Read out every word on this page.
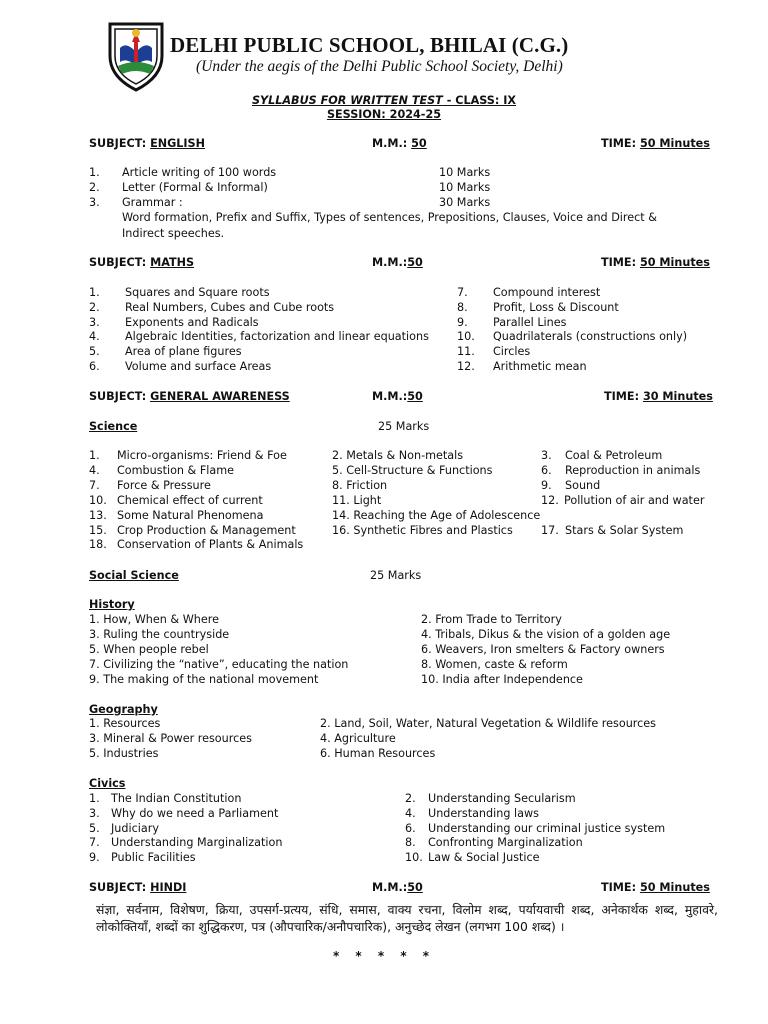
DELHI PUBLIC SCHOOL, BHILAI (C.G.)
(Under the aegis of the Delhi Public School Society, Delhi)
SYLLABUS FOR WRITTEN TEST - CLASS: IX
SESSION: 2024-25
SUBJECT: ENGLISH	M.M.: 50	TIME: 50 Minutes
1. Article writing of 100 words	10 Marks
2. Letter (Formal & Informal)	10 Marks
3. Grammar :	30 Marks
Word formation, Prefix and Suffix, Types of sentences, Prepositions, Clauses, Voice and Direct &
Indirect speeches.
SUBJECT: MATHS	M.M.:50	TIME: 50 Minutes
1. Squares and Square roots
2. Real Numbers, Cubes and Cube roots
3. Exponents and Radicals
4. Algebraic Identities, factorization and linear equations
5. Area of plane figures
6. Volume and surface Areas
7. Compound interest
8. Profit, Loss & Discount
9. Parallel Lines
10. Quadrilaterals (constructions only)
11. Circles
12. Arithmetic mean
SUBJECT: GENERAL AWARENESS	M.M.:50	TIME: 30 Minutes
Science	25 Marks
1. Micro-organisms: Friend & Foe	2. Metals & Non-metals	3. Coal & Petroleum
4. Combustion & Flame	5. Cell-Structure & Functions	6. Reproduction in animals
7. Force & Pressure	8. Friction	9. Sound
10. Chemical effect of current	11. Light	12. Pollution of air and water
13. Some Natural Phenomena	14. Reaching the Age of Adolescence
15. Crop Production & Management	16. Synthetic Fibres and Plastics	17. Stars & Solar System
18. Conservation of Plants & Animals
Social Science	25 Marks
History
1. How, When & Where	2. From Trade to Territory
3. Ruling the countryside	4. Tribals, Dikus & the vision of a golden age
5. When people rebel	6. Weavers, Iron smelters & Factory owners
7. Civilizing the “native”, educating the nation	8. Women, caste & reform
9. The making of the national movement	10. India after Independence
Geography
1. Resources	2. Land, Soil, Water, Natural Vegetation & Wildlife resources
3. Mineral & Power resources	4. Agriculture
5. Industries	6. Human Resources
Civics
1. The Indian Constitution	2. Understanding Secularism
3. Why do we need a Parliament	4. Understanding laws
5. Judiciary	6. Understanding our criminal justice system
7. Understanding Marginalization	8. Confronting Marginalization
9. Public Facilities	10. Law & Social Justice
SUBJECT: HINDI	M.M.:50	TIME: 50 Minutes
संज्ञा, सर्वनाम, विशेषण, क्रिया, उपसर्ग-प्रत्यय, संधि, समास, वाक्य रचना, विलोम शब्द, पर्यायवाची शब्द, अनेकार्थक शब्द, मुहावरे, लोकोक्तियाँ, शब्दों का शुद्धिकरण, पत्र (औपचारिक/अनौपचारिक), अनुच्छेद लेखन (लगभग 100 शब्द) ।
* * * * *
